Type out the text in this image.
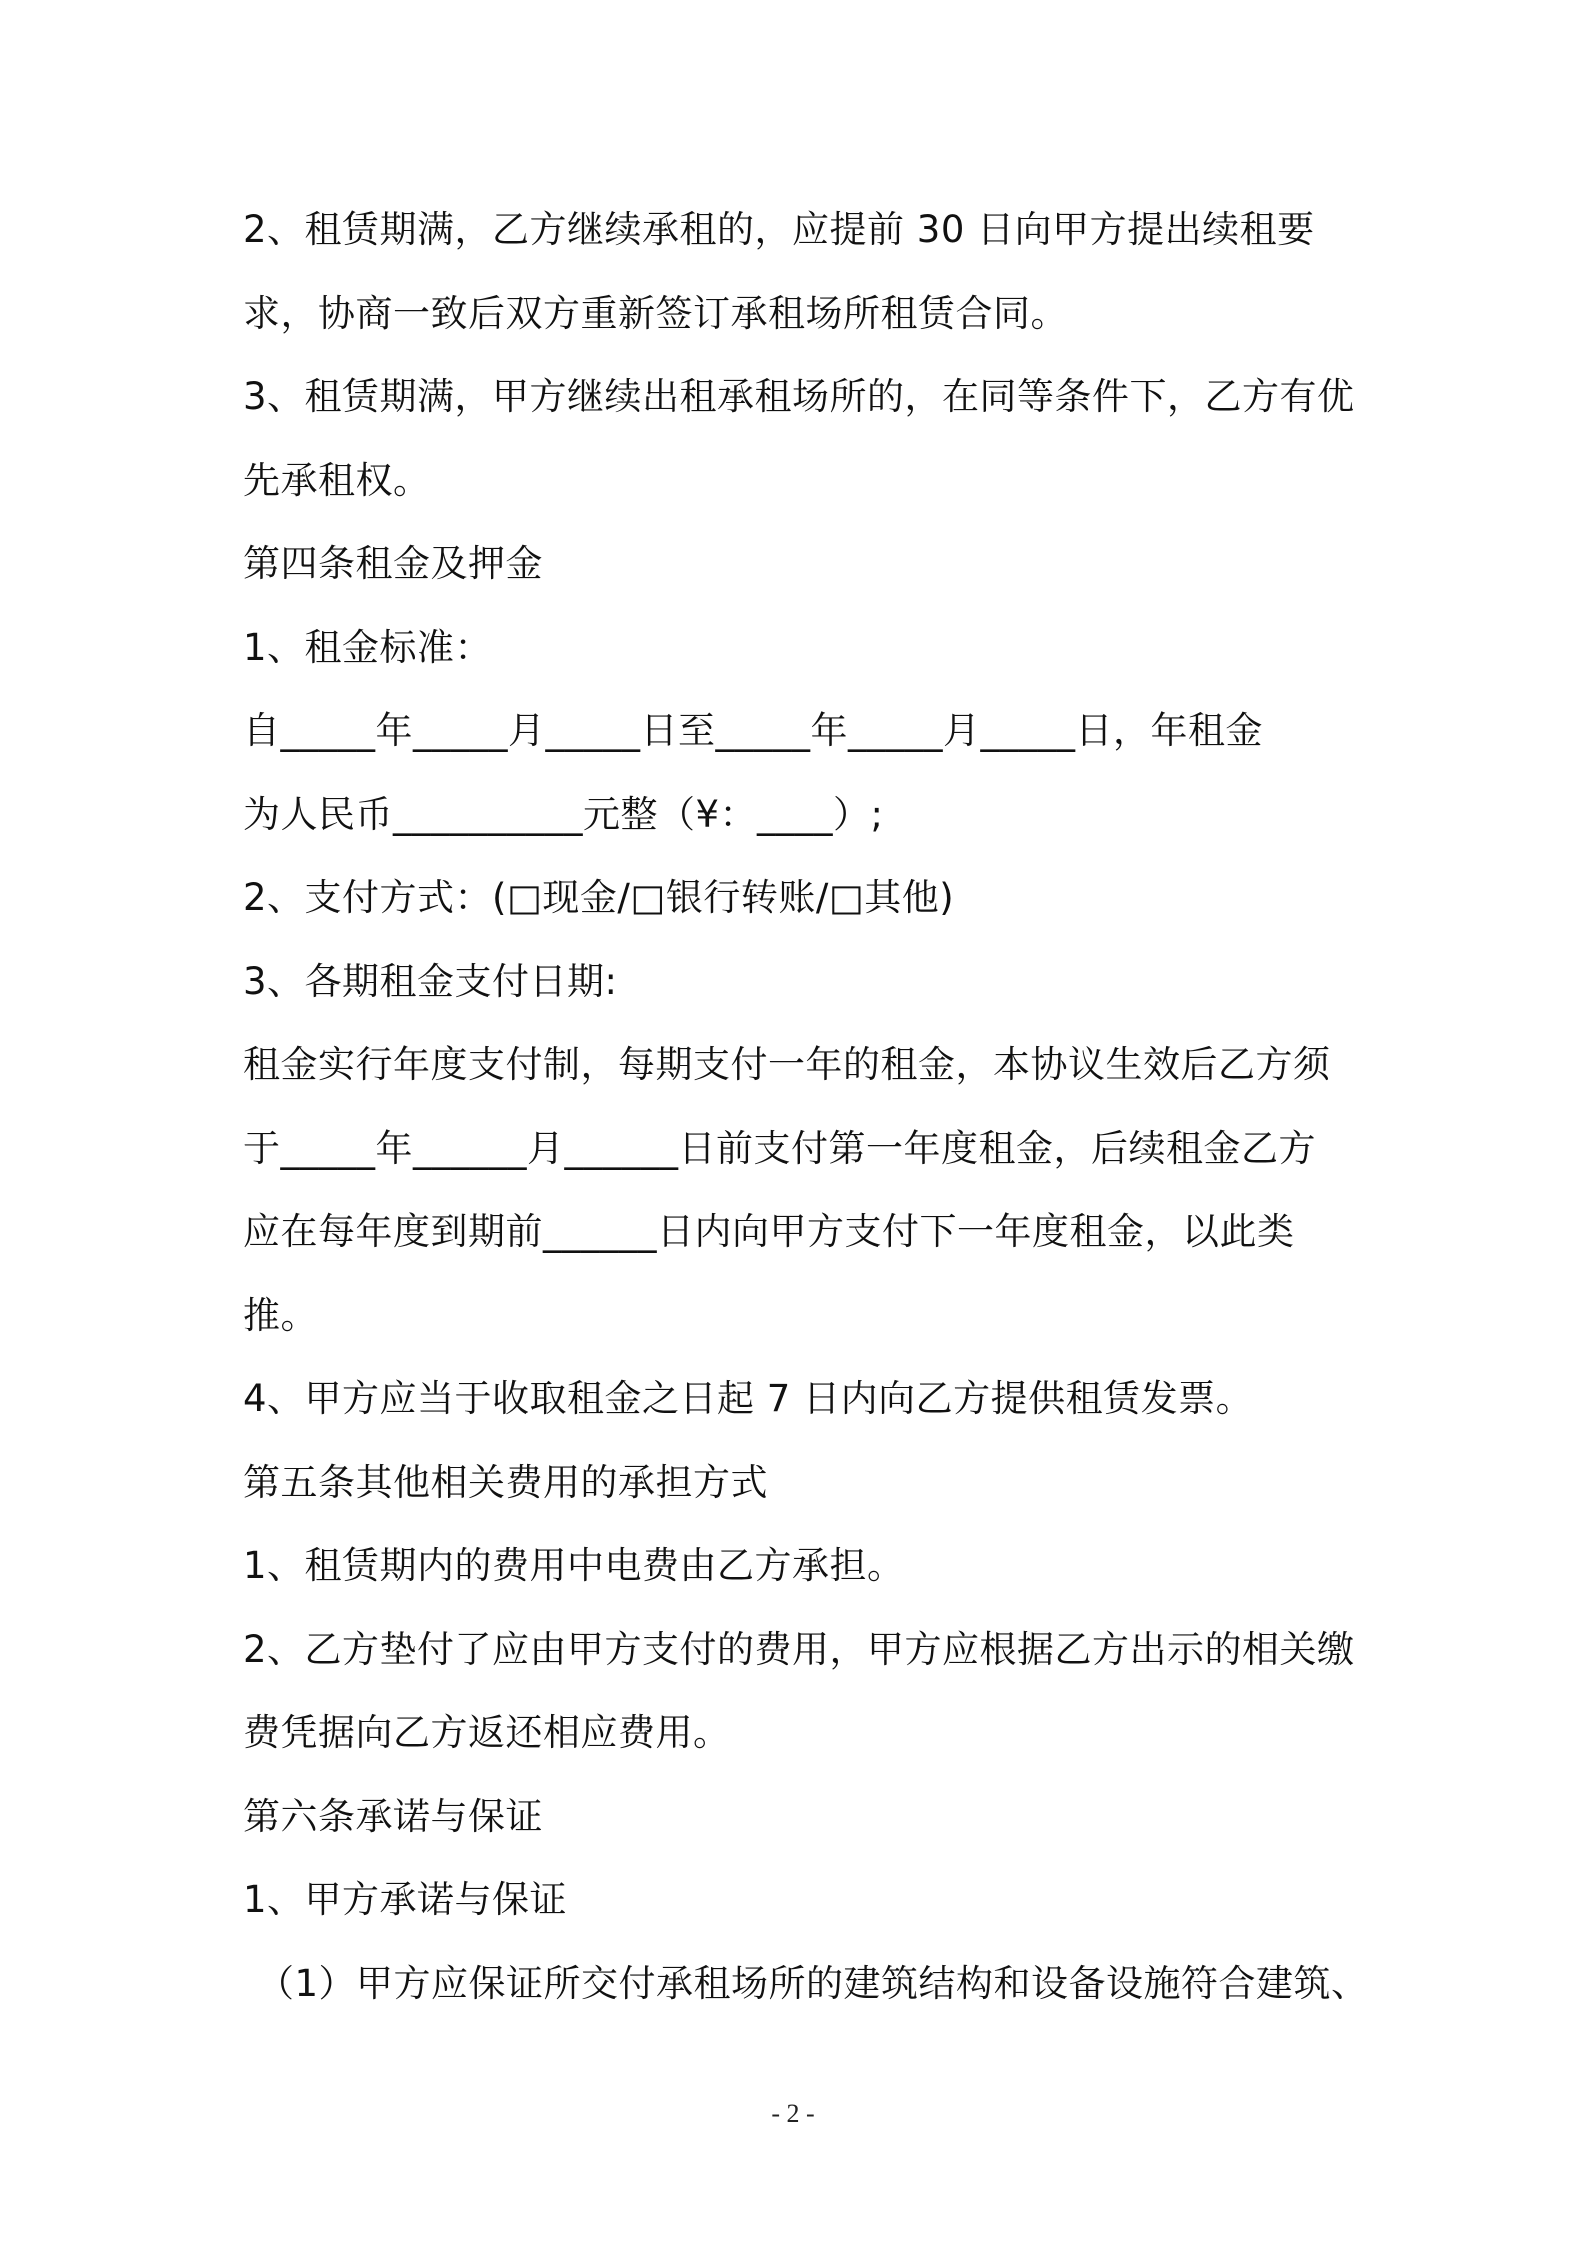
2、租赁期满，乙方继续承租的，应提前 30 日向甲方提出续租要
求，协商一致后双方重新签订承租场所租赁合同。
3、租赁期满，甲方继续出租承租场所的，在同等条件下，乙方有优
先承租权。
第四条租金及押金
1、租金标准：
自_____年_____月_____日至_____年_____月_____日，年租金
为人民币__________元整（¥：____）;
2、支付方式：(□现金/□银行转账/□其他)
3、各期租金支付日期:
租金实行年度支付制，每期支付一年的租金，本协议生效后乙方须
于_____年______月______日前支付第一年度租金，后续租金乙方
应在每年度到期前______日内向甲方支付下一年度租金，以此类
推。
4、甲方应当于收取租金之日起 7 日内向乙方提供租赁发票。
第五条其他相关费用的承担方式
1、租赁期内的费用中电费由乙方承担。
2、乙方垫付了应由甲方支付的费用，甲方应根据乙方出示的相关缴
费凭据向乙方返还相应费用。
第六条承诺与保证
1、甲方承诺与保证
（1）甲方应保证所交付承租场所的建筑结构和设备设施符合建筑、
- 2 -
